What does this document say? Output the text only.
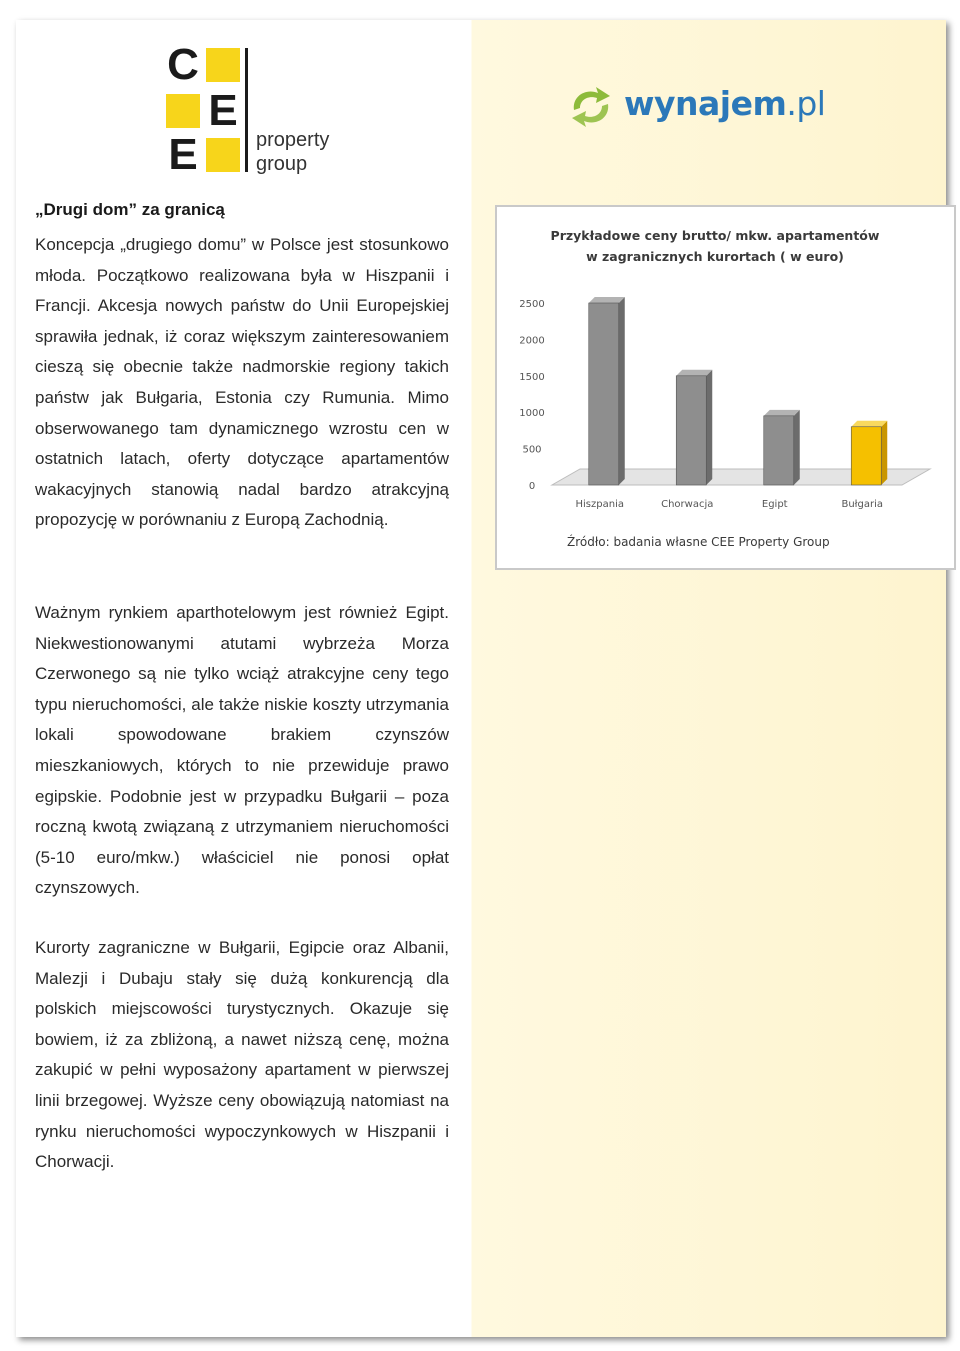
C
E
E	property
group
wynajem.pl
„Drugi dom” za granicą
Koncepcja „drugiego domu” w Polsce jest stosunkowo młoda. Początkowo realizowana była w Hiszpanii i Francji. Akcesja nowych państw do Unii Europejskiej sprawiła jednak, iż coraz większym zainteresowaniem cieszą się obecnie także nadmorskie regiony takich państw jak Bułgaria, Estonia czy Rumunia. Mimo obserwowanego tam dynamicznego wzrostu cen w ostatnich latach, oferty dotyczące apartamentów wakacyjnych stanowią nadal bardzo atrakcyjną propozycję w porównaniu z Europą Zachodnią.
Ważnym rynkiem aparthotelowym jest również Egipt. Niekwestionowanymi atutami wybrzeża Morza Czerwonego są nie tylko wciąż atrakcyjne ceny tego typu nieruchomości, ale także niskie koszty utrzymania lokali spowodowane brakiem czynszów mieszkaniowych, których to nie przewiduje prawo egipskie. Podobnie jest w przypadku Bułgarii – poza roczną kwotą związaną z utrzymaniem nieruchomości (5-10 euro/mkw.) właściciel nie ponosi opłat czynszowych.
Kurorty zagraniczne w Bułgarii, Egipcie oraz Albanii, Malezji i Dubaju stały się dużą konkurencją dla polskich miejscowości turystycznych. Okazuje się bowiem, iż za zbliżoną, a nawet niższą cenę, można zakupić w pełni wyposażony apartament w pierwszej linii brzegowej. Wyższe ceny obowiązują natomiast na rynku nieruchomości wypoczynkowych w Hiszpanii i Chorwacji.
Przykładowe ceny brutto/ mkw. apartamentów
w zagranicznych kurortach ( w euro)
2500
2000
1500
1000
500
0
Hiszpania	Chorwacja	Egipt	Bułgaria
Źródło: badania własne CEE Property Group
